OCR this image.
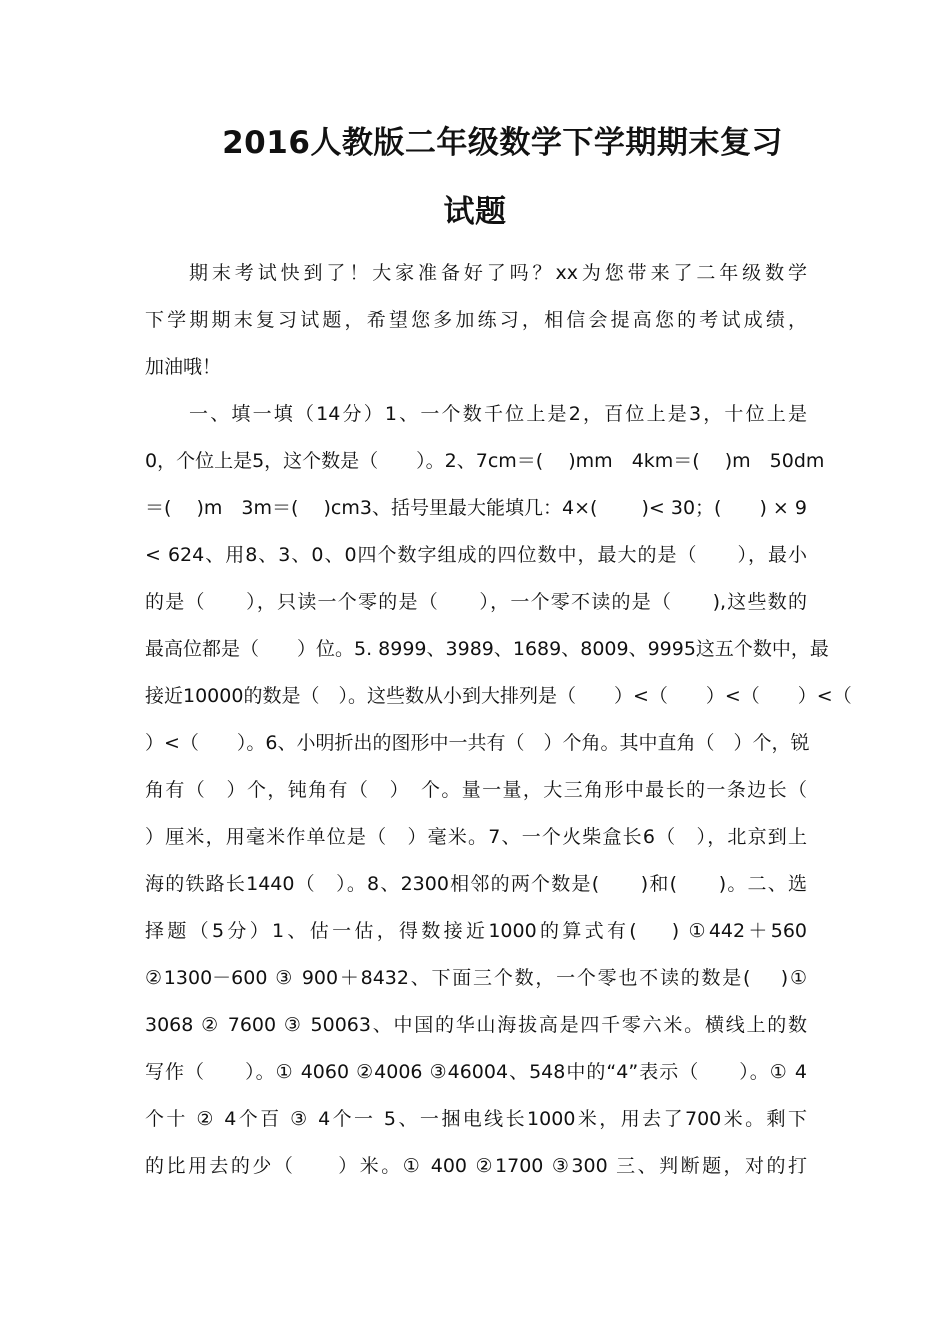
2016人教版二年级数学下学期期末复习
试题
期末考试快到了！大家准备好了吗？xx为您带来了二年级数学
下学期期末复习试题，希望您多加练习，相信会提高您的考试成绩，
加油哦！
一、填一填（14分）1、一个数千位上是2，百位上是3，十位上是
0，个位上是5，这个数是（　　）。2、7cm＝(　 )mm　4km＝(　 )m　50dm
＝(　 )m　3m＝(　 )cm3、括号里最大能填几：4×(　　 )< 30；(　　) × 9
< 624、用8、3、0、0四个数字组成的四位数中，最大的是（　　），最小
的是（　　），只读一个零的是（　　），一个零不读的是（　　),这些数的
最高位都是（　　）位。5. 8999、3989、1689、8009、9995这五个数中，最
接近10000的数是（　）。这些数从小到大排列是（　　）<（　　）<（　　）<（
）<（　　）。6、小明折出的图形中一共有（　）个角。其中直角（　）个，锐
角有（　）个，钝角有（　）　个。量一量，大三角形中最长的一条边长（
）厘米，用毫米作单位是（　）毫米。7、一个火柴盒长6（　），北京到上
海的铁路长1440（　）。8、2300相邻的两个数是(　　)和(　　)。二、选
择题（5分）1、估一估，得数接近1000的算式有(　 ) ①442＋560
②1300－600 ③ 900＋8432、下面三个数，一个零也不读的数是(　 )①
3068 ② 7600 ③ 50063、中国的华山海拔高是四千零六米。横线上的数
写作（　　）。① 4060 ②4006 ③46004、548中的“4”表示（　　）。① 4
个十 ② 4个百 ③ 4个一 5、一捆电线长1000米，用去了700米。剩下
的比用去的少（　　）米。① 400 ②1700 ③300 三、判断题，对的打
